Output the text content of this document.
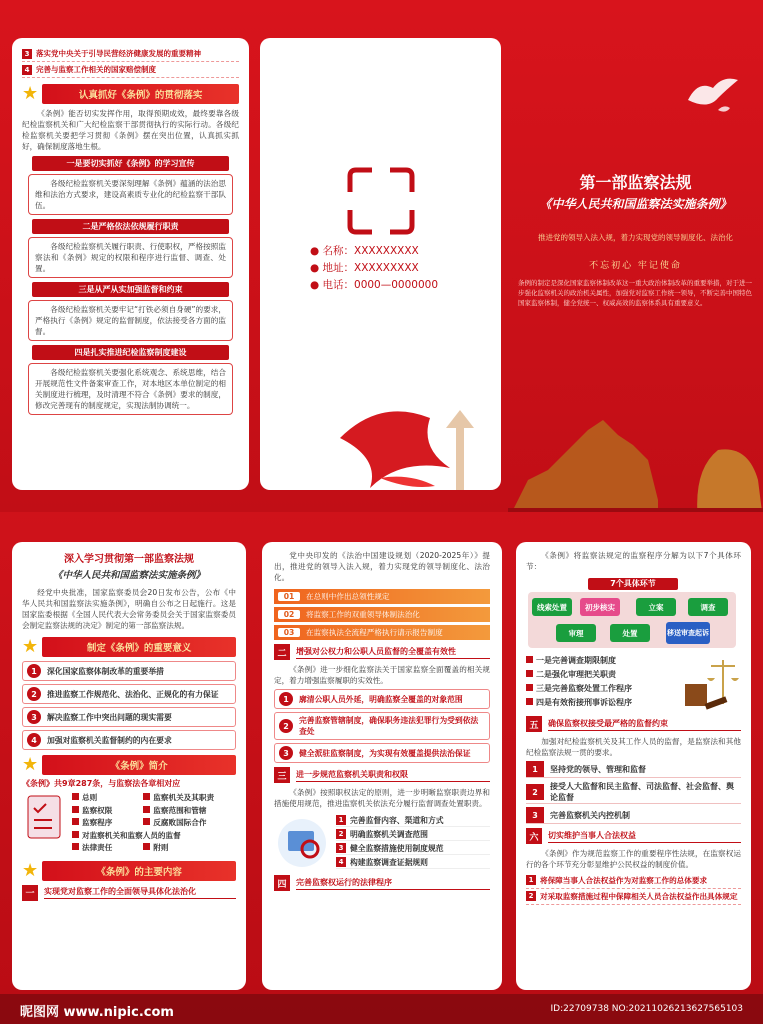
3 落实党中央关于引导民营经济健康发展的重要精神
4 完善与监察工作相关的国家赔偿制度
★	认真抓好《条例》的贯彻落实
《条例》能否切实发挥作用，取得预期成效，最终要靠各级纪检监察机关和广大纪检监察干部贯彻执行的实际行动。各级纪检监察机关要把学习贯彻《条例》摆在突出位置，认真抓实抓好，确保制度落地生根。
一是要切实抓好《条例》的学习宣传
各级纪检监察机关要深刻理解《条例》蕴涵的法治思维和法治方式要求，建设高素质专业化的纪检监察干部队伍。
二是严格依法依规履行职责
各级纪检监察机关履行职责、行使职权，严格按照监察法和《条例》规定的权限和程序进行监督、调查、处置。
三是从严从实加强监督和约束
各级纪检监察机关要牢记“打铁必须自身硬”的要求，严格执行《条例》规定的监督制度，依法接受各方面的监督。
四是扎实推进纪检监察制度建设
各级纪检监察机关要强化系统观念、系统思维，结合开展规范性文件备案审查工作，对本地区本单位制定的相关制度进行梳理，及时清理不符合《条例》要求的制度，修改完善现有的制度规定，实现法制协调统一。
● 名称：XXXXXXXXX
● 地址：XXXXXXXXX
● 电话：0000—0000000
第一部监察法规
《中华人民共和国监察法实施条例》
推进党的领导入法入规，着力实现党的领导制度化、法治化
不忘初心 牢记使命
条例的制定是深化国家监察体制改革这一重大政治体制改革的重要举措，对于进一步强化监察机关的政治机关属性，加强党对监察工作统一领导，不断完善中国特色国家监察体制，健全党统一、权威高效的监察体系具有重要意义。
深入学习贯彻第一部监察法规
《中华人民共和国监察法实施条例》
经党中央批准，国家监察委员会20日发布公告，公布《中华人民共和国监察法实施条例》，明确自公布之日起施行。这是国家监委根据《全国人民代表大会常务委员会关于国家监察委员会制定监察法规的决定》制定的第一部监察法规。
★	制定《条例》的重要意义
1	深化国家监察体制改革的重要举措
2	推进监察工作规范化、法治化、正规化的有力保证
3	解决监察工作中突出问题的现实需要
4	加强对监察机关监督制约的内在要求
★	《条例》简介
《条例》共9章287条，与监察法各章相对应
总则	监察机关及其职责
监察权限	监察范围和管辖
监察程序	反腐败国际合作
对监察机关和监察人员的监督
法律责任	附则
★	《条例》的主要内容
一	实现党对监察工作的全面领导具体化法治化
党中央印发的《法治中国建设规划（2020-2025年）》提出，推进党的领导入法入规，着力实现党的领导制度化、法治化。
01	在总则中作出总领性规定
02	将监察工作的双重领导体制法治化
03	在监察执法全流程严格执行请示报告制度
二	增强对公权力和公职人员监督的全覆盖有效性
《条例》进一步细化监察法关于国家监察全面覆盖的相关规定，着力增强监察履职的实效性。
1	廓清公职人员外延，明确监察全覆盖的对象范围
2
完善监察管辖制度，确保职务违法犯罪行为受到依法查处
3	健全派驻监察制度，为实现有效覆盖提供法治保证
三	进一步规范监察机关职责和权限
《条例》按照职权法定的原则，进一步明晰监察职责边界和措施使用规范，推进监察机关依法充分履行监督调查处置职责。
1 完善监督内容、渠道和方式
2 明确监察机关调查范围
3 健全监察措施使用制度规范
4 构建监察调查证据规则
四	完善监察权运行的法律程序
《条例》将监察法规定的监察程序分解为以下7个具体环节：
7个具体环节
线索处置	初步核实	立案	调查
审理	处置	移送审查起诉
一是完善调查期限制度
二是强化审理把关职责
三是完善监察处置工作程序
四是有效衔接刑事诉讼程序
五	确保监察权接受最严格的监督约束
加强对纪检监察机关及其工作人员的监督，是监察法和其他纪检监察法规一贯的要求。
1	坚持党的领导、管理和监督
2
接受人大监督和民主监督、司法监督、社会监督、舆论监督
3	完善监察机关内控机制
六	切实维护当事人合法权益
《条例》作为规范监察工作的重要程序性法规，在监察权运行的各个环节充分彰显维护公民权益的制度价值。
1 将保障当事人合法权益作为对监察工作的总体要求
2 对采取监察措施过程中保障相关人员合法权益作出具体规定
昵图网 www.nipic.com	ID:22709738 NO:20211026213627565103
